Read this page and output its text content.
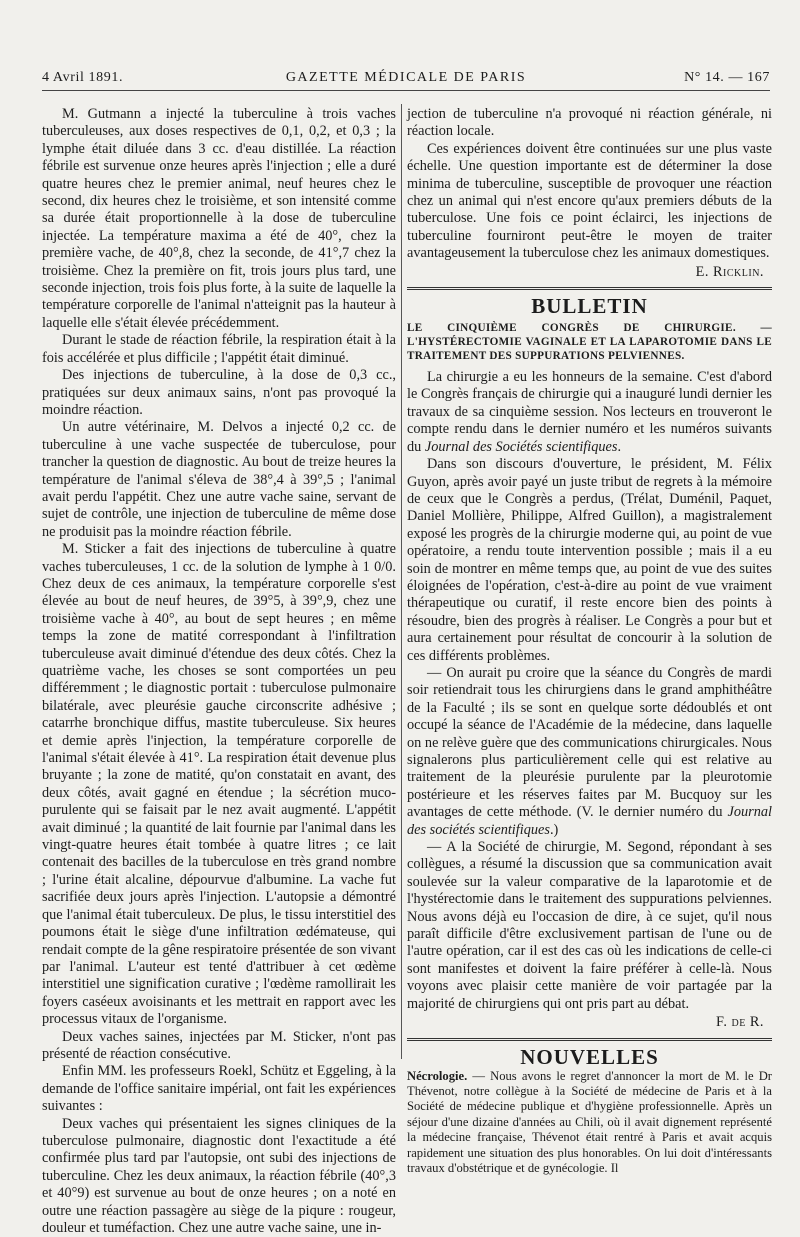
4 Avril 1891.	GAZETTE MÉDICALE DE PARIS	N° 14. — 167

M. Gutmann a injecté la tuberculine à trois vaches tuberculeuses, aux doses respectives de 0,1, 0,2, et 0,3 ; la lymphe était diluée dans 3 cc. d'eau distillée. La réaction fébrile est survenue onze heures après l'injection ; elle a duré quatre heures chez le premier animal, neuf heures chez le second, dix heures chez le troisième, et son intensité comme sa durée était proportionnelle à la dose de tuberculine injectée. La température maxima a été de 40°, chez la première vache, de 40°,8, chez la seconde, de 41°,7 chez la troisième. Chez la première on fit, trois jours plus tard, une seconde injection, trois fois plus forte, à la suite de laquelle la température corporelle de l'animal n'atteignit pas la hauteur à laquelle elle s'était élevée précédemment.

Durant le stade de réaction fébrile, la respiration était à la fois accélérée et plus difficile ; l'appétit était diminué.

Des injections de tuberculine, à la dose de 0,3 cc., pratiquées sur deux animaux sains, n'ont pas provoqué la moindre réaction.

Un autre vétérinaire, M. Delvos a injecté 0,2 cc. de tuberculine à une vache suspectée de tuberculose, pour trancher la question de diagnostic. Au bout de treize heures la température de l'animal s'éleva de 38°,4 à 39°,5 ; l'animal avait perdu l'appétit. Chez une autre vache saine, servant de sujet de contrôle, une injection de tuberculine de même dose ne produisit pas la moindre réaction fébrile.

M. Sticker a fait des injections de tuberculine à quatre vaches tuberculeuses, 1 cc. de la solution de lymphe à 1 0/0. Chez deux de ces animaux, la température corporelle s'est élevée au bout de neuf heures, de 39°5, à 39°,9, chez une troisième vache à 40°, au bout de sept heures ; en même temps la zone de matité correspondant à l'infiltration tuberculeuse avait diminué d'étendue des deux côtés. Chez la quatrième vache, les choses se sont comportées un peu différemment ; le diagnostic portait : tuberculose pulmonaire bilatérale, avec pleurésie gauche circonscrite adhésive ; catarrhe bronchique diffus, mastite tuberculeuse. Six heures et demie après l'injection, la température corporelle de l'animal s'était élevée à 41°. La respiration était devenue plus bruyante ; la zone de matité, qu'on constatait en avant, des deux côtés, avait gagné en étendue ; la sécrétion muco-purulente qui se faisait par le nez avait augmenté. L'appétit avait diminué ; la quantité de lait fournie par l'animal dans les vingt-quatre heures était tombée à quatre litres ; ce lait contenait des bacilles de la tuberculose en très grand nombre ; l'urine était alcaline, dépourvue d'albumine. La vache fut sacrifiée deux jours après l'injection. L'autopsie a démontré que l'animal était tuberculeux. De plus, le tissu interstitiel des poumons était le siège d'une infiltration œdémateuse, qui rendait compte de la gêne respiratoire présentée de son vivant par l'animal. L'auteur est tenté d'attribuer à cet œdème interstitiel une signification curative ; l'œdème ramollirait les foyers caséeux avoisinants et les mettrait en rapport avec les processus vitaux de l'organisme.

Deux vaches saines, injectées par M. Sticker, n'ont pas présenté de réaction consécutive.

Enfin MM. les professeurs Roekl, Schütz et Eggeling, à la demande de l'office sanitaire impérial, ont fait les expériences suivantes :

Deux vaches qui présentaient les signes cliniques de la tuberculose pulmonaire, diagnostic dont l'exactitude a été confirmée plus tard par l'autopsie, ont subi des injections de tuberculine. Chez les deux animaux, la réaction fébrile (40°,3 et 40°9) est survenue au bout de onze heures ; on a noté en outre une réaction passagère au siège de la piqure : rougeur, douleur et tuméfaction. Chez une autre vache saine, une in-

jection de tuberculine n'a provoqué ni réaction générale, ni réaction locale.

Ces expériences doivent être continuées sur une plus vaste échelle. Une question importante est de déterminer la dose minima de tuberculine, susceptible de provoquer une réaction chez un animal qui n'est encore qu'aux premiers débuts de la tuberculose. Une fois ce point éclairci, les injections de tuberculine fourniront peut-être le moyen de traiter avantageusement la tuberculose chez les animaux domestiques.

E. Ricklin.
BULLETIN
LE CINQUIÈME CONGRÈS DE CHIRURGIE. — L'HYSTÉRECTOMIE VAGINALE ET LA LAPAROTOMIE DANS LE TRAITEMENT DES SUPPURATIONS PELVIENNES.

La chirurgie a eu les honneurs de la semaine. C'est d'abord le Congrès français de chirurgie qui a inauguré lundi dernier les travaux de sa cinquième session. Nos lecteurs en trouveront le compte rendu dans le dernier numéro et les numéros suivants du Journal des Sociétés scientifiques.

Dans son discours d'ouverture, le président, M. Félix Guyon, après avoir payé un juste tribut de regrets à la mémoire de ceux que le Congrès a perdus, (Trélat, Duménil, Paquet, Daniel Mollière, Philippe, Alfred Guillon), a magistralement exposé les progrès de la chirurgie moderne qui, au point de vue opératoire, a rendu toute intervention possible ; mais il a eu soin de montrer en même temps que, au point de vue des suites éloignées de l'opération, c'est-à-dire au point de vue vraiment thérapeutique ou curatif, il reste encore bien des points à résoudre, bien des progrès à réaliser. Le Congrès a pour but et aura certainement pour résultat de concourir à la solution de ces différents problèmes.

— On aurait pu croire que la séance du Congrès de mardi soir retiendrait tous les chirurgiens dans le grand amphithéâtre de la Faculté ; ils se sont en quelque sorte dédoublés et ont occupé la séance de l'Académie de la médecine, dans laquelle on ne relève guère que des communications chirurgicales. Nous signalerons plus particulièrement celle qui est relative au traitement de la pleurésie purulente par la pleurotomie postérieure et les réserves faites par M. Bucquoy sur les avantages de cette méthode. (V. le dernier numéro du Journal des sociétés scientifiques.)

— A la Société de chirurgie, M. Segond, répondant à ses collègues, a résumé la discussion que sa communication avait soulevée sur la valeur comparative de la laparotomie et de l'hystérectomie dans le traitement des suppurations pelviennes. Nous avons déjà eu l'occasion de dire, à ce sujet, qu'il nous paraît difficile d'être exclusivement partisan de l'une ou de l'autre opération, car il est des cas où les indications de celle-ci sont manifestes et doivent la faire préférer à celle-là. Nous voyons avec plaisir cette manière de voir partagée par la majorité de chirurgiens qui ont pris part au débat.

F. de R.
NOUVELLES

Nécrologie. — Nous avons le regret d'annoncer la mort de M. le Dr Thévenot, notre collègue à la Société de médecine de Paris et à la Société de médecine publique et d'hygiène professionnelle. Après un séjour d'une dizaine d'années au Chili, où il avait dignement représenté la médecine française, Thévenot était rentré à Paris et avait acquis rapidement une situation des plus honorables. On lui doit d'intéressants travaux d'obstétrique et de gynécologie. Il
